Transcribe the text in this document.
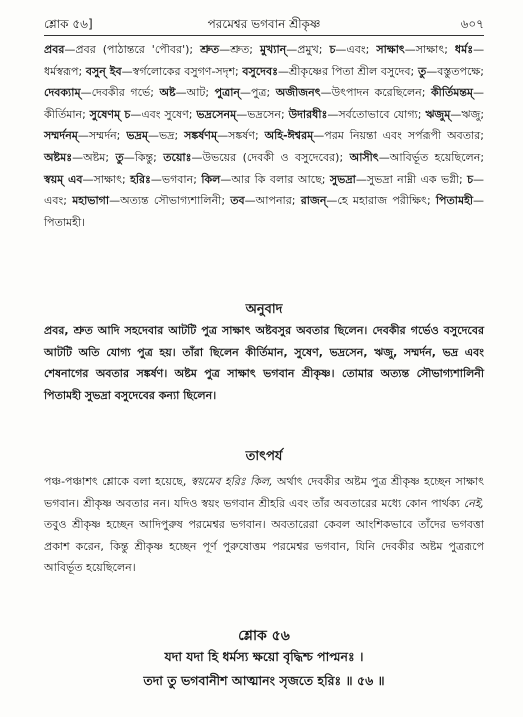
শ্লোক ৫৬]	পরমেশ্বর ভগবান শ্রীকৃষ্ণ	৬০৭

প্রবর—প্রবর (পাঠান্তরে 'পৌবর'); শ্রুত—শ্রুত; মুখ্যান্—প্রমুখ; চ—এবং; সাক্ষাৎ—সাক্ষাৎ; ধর্মঃ—ধর্মস্বরূপ; বসুন্ ইব—স্বর্গলোকের বসুগণ-সদৃশ; বসুদেবঃ—শ্রীকৃষ্ণের পিতা শ্রীল বসুদেব; তু—বস্তুতপক্ষে; দেবক্যাম্—দেবকীর গর্ভে; অষ্ট—আট; পুত্রান্—পুত্র; অজীজনৎ—উৎপাদন করেছিলেন; কীর্তিমন্তম্—কীর্তিমান; সুষেণম্ চ—এবং সুষেণ; ভদ্রসেনম্—ভদ্রসেন; উদারধীঃ—সর্বতোভাবে যোগ্য; ঋজুম্—ঋজু; সম্মর্দনম্—সম্মর্দন; ভদ্রম্—ভদ্র; সঙ্কর্ষণম্—সঙ্কর্ষণ; অহি-ঈশ্বরম্—পরম নিয়ন্তা এবং সর্পরূপী অবতার; অষ্টমঃ—অষ্টম; তু—কিন্তু; তয়োঃ—উভয়ের (দেবকী ও বসুদেবের); আসীৎ—আবির্ভূত হয়েছিলেন; স্বয়ম্ এব—সাক্ষাৎ; হরিঃ—ভগবান; কিল—আর কি বলার আছে; সুভদ্রা—সুভদ্রা নাম্নী এক ভগ্নী; চ—এবং; মহাভাগা—অত্যন্ত সৌভাগ্যশালিনী; তব—আপনার; রাজন্—হে মহারাজ পরীক্ষিৎ; পিতামহী—পিতামহী।

অনুবাদ

প্রবর, শ্রুত আদি সহদেবার আটটি পুত্র সাক্ষাৎ অষ্টবসুর অবতার ছিলেন। দেবকীর গর্ভেও বসুদেবের আটটি অতি যোগ্য পুত্র হয়। তাঁরা ছিলেন কীর্তিমান, সুষেণ, ভদ্রসেন, ঋজু, সম্মর্দন, ভদ্র এবং শেষনাগের অবতার সঙ্কর্ষণ। অষ্টম পুত্র সাক্ষাৎ ভগবান শ্রীকৃষ্ণ। তোমার অত্যন্ত সৌভাগ্যশালিনী পিতামহী সুভদ্রা বসুদেবের কন্যা ছিলেন।

তাৎপর্য

পঞ্চ-পঞ্চাশৎ শ্লোকে বলা হয়েছে, স্বয়মেব হরিঃ কিল, অর্থাৎ দেবকীর অষ্টম পুত্র শ্রীকৃষ্ণ হচ্ছেন সাক্ষাৎ ভগবান। শ্রীকৃষ্ণ অবতার নন। যদিও স্বয়ং ভগবান শ্রীহরি এবং তাঁর অবতারের মধ্যে কোন পার্থক্য নেই, তবুও শ্রীকৃষ্ণ হচ্ছেন আদিপুরুষ পরমেশ্বর ভগবান। অবতারেরা কেবল আংশিকভাবে তাঁদের ভগবত্তা প্রকাশ করেন, কিন্তু শ্রীকৃষ্ণ হচ্ছেন পূর্ণ পুরুষোত্তম পরমেশ্বর ভগবান, যিনি দেবকীর অষ্টম পুত্ররূপে আবির্ভূত হয়েছিলেন।

শ্লোক ৫৬

যদা যদা হি ধর্মস্য ক্ষয়ো বৃদ্ধিশ্চ পাপ্মনঃ ।

তদা তু ভগবানীশ আত্মানং সৃজতে হরিঃ ॥ ৫৬ ॥
